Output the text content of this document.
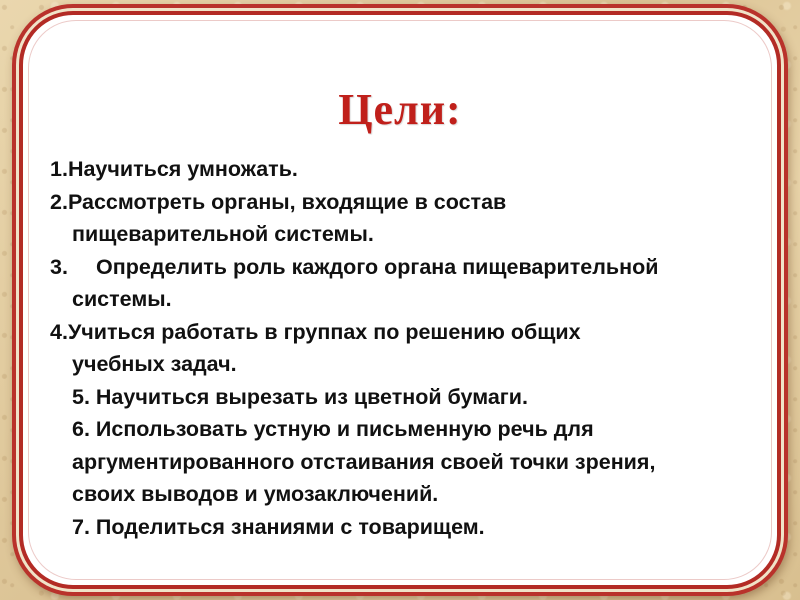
Цели:
1. Научиться умножать.
2. Рассмотреть органы, входящие в состав
пищеварительной системы.
3.	Определить роль каждого органа пищеварительной
системы.
4. Учиться работать в группах по решению общих
учебных задач.
5. Научиться вырезать из цветной бумаги.
6. Использовать устную и письменную речь для
аргументированного отстаивания своей точки зрения,
своих выводов и умозаключений.
7. Поделиться знаниями с товарищем.
